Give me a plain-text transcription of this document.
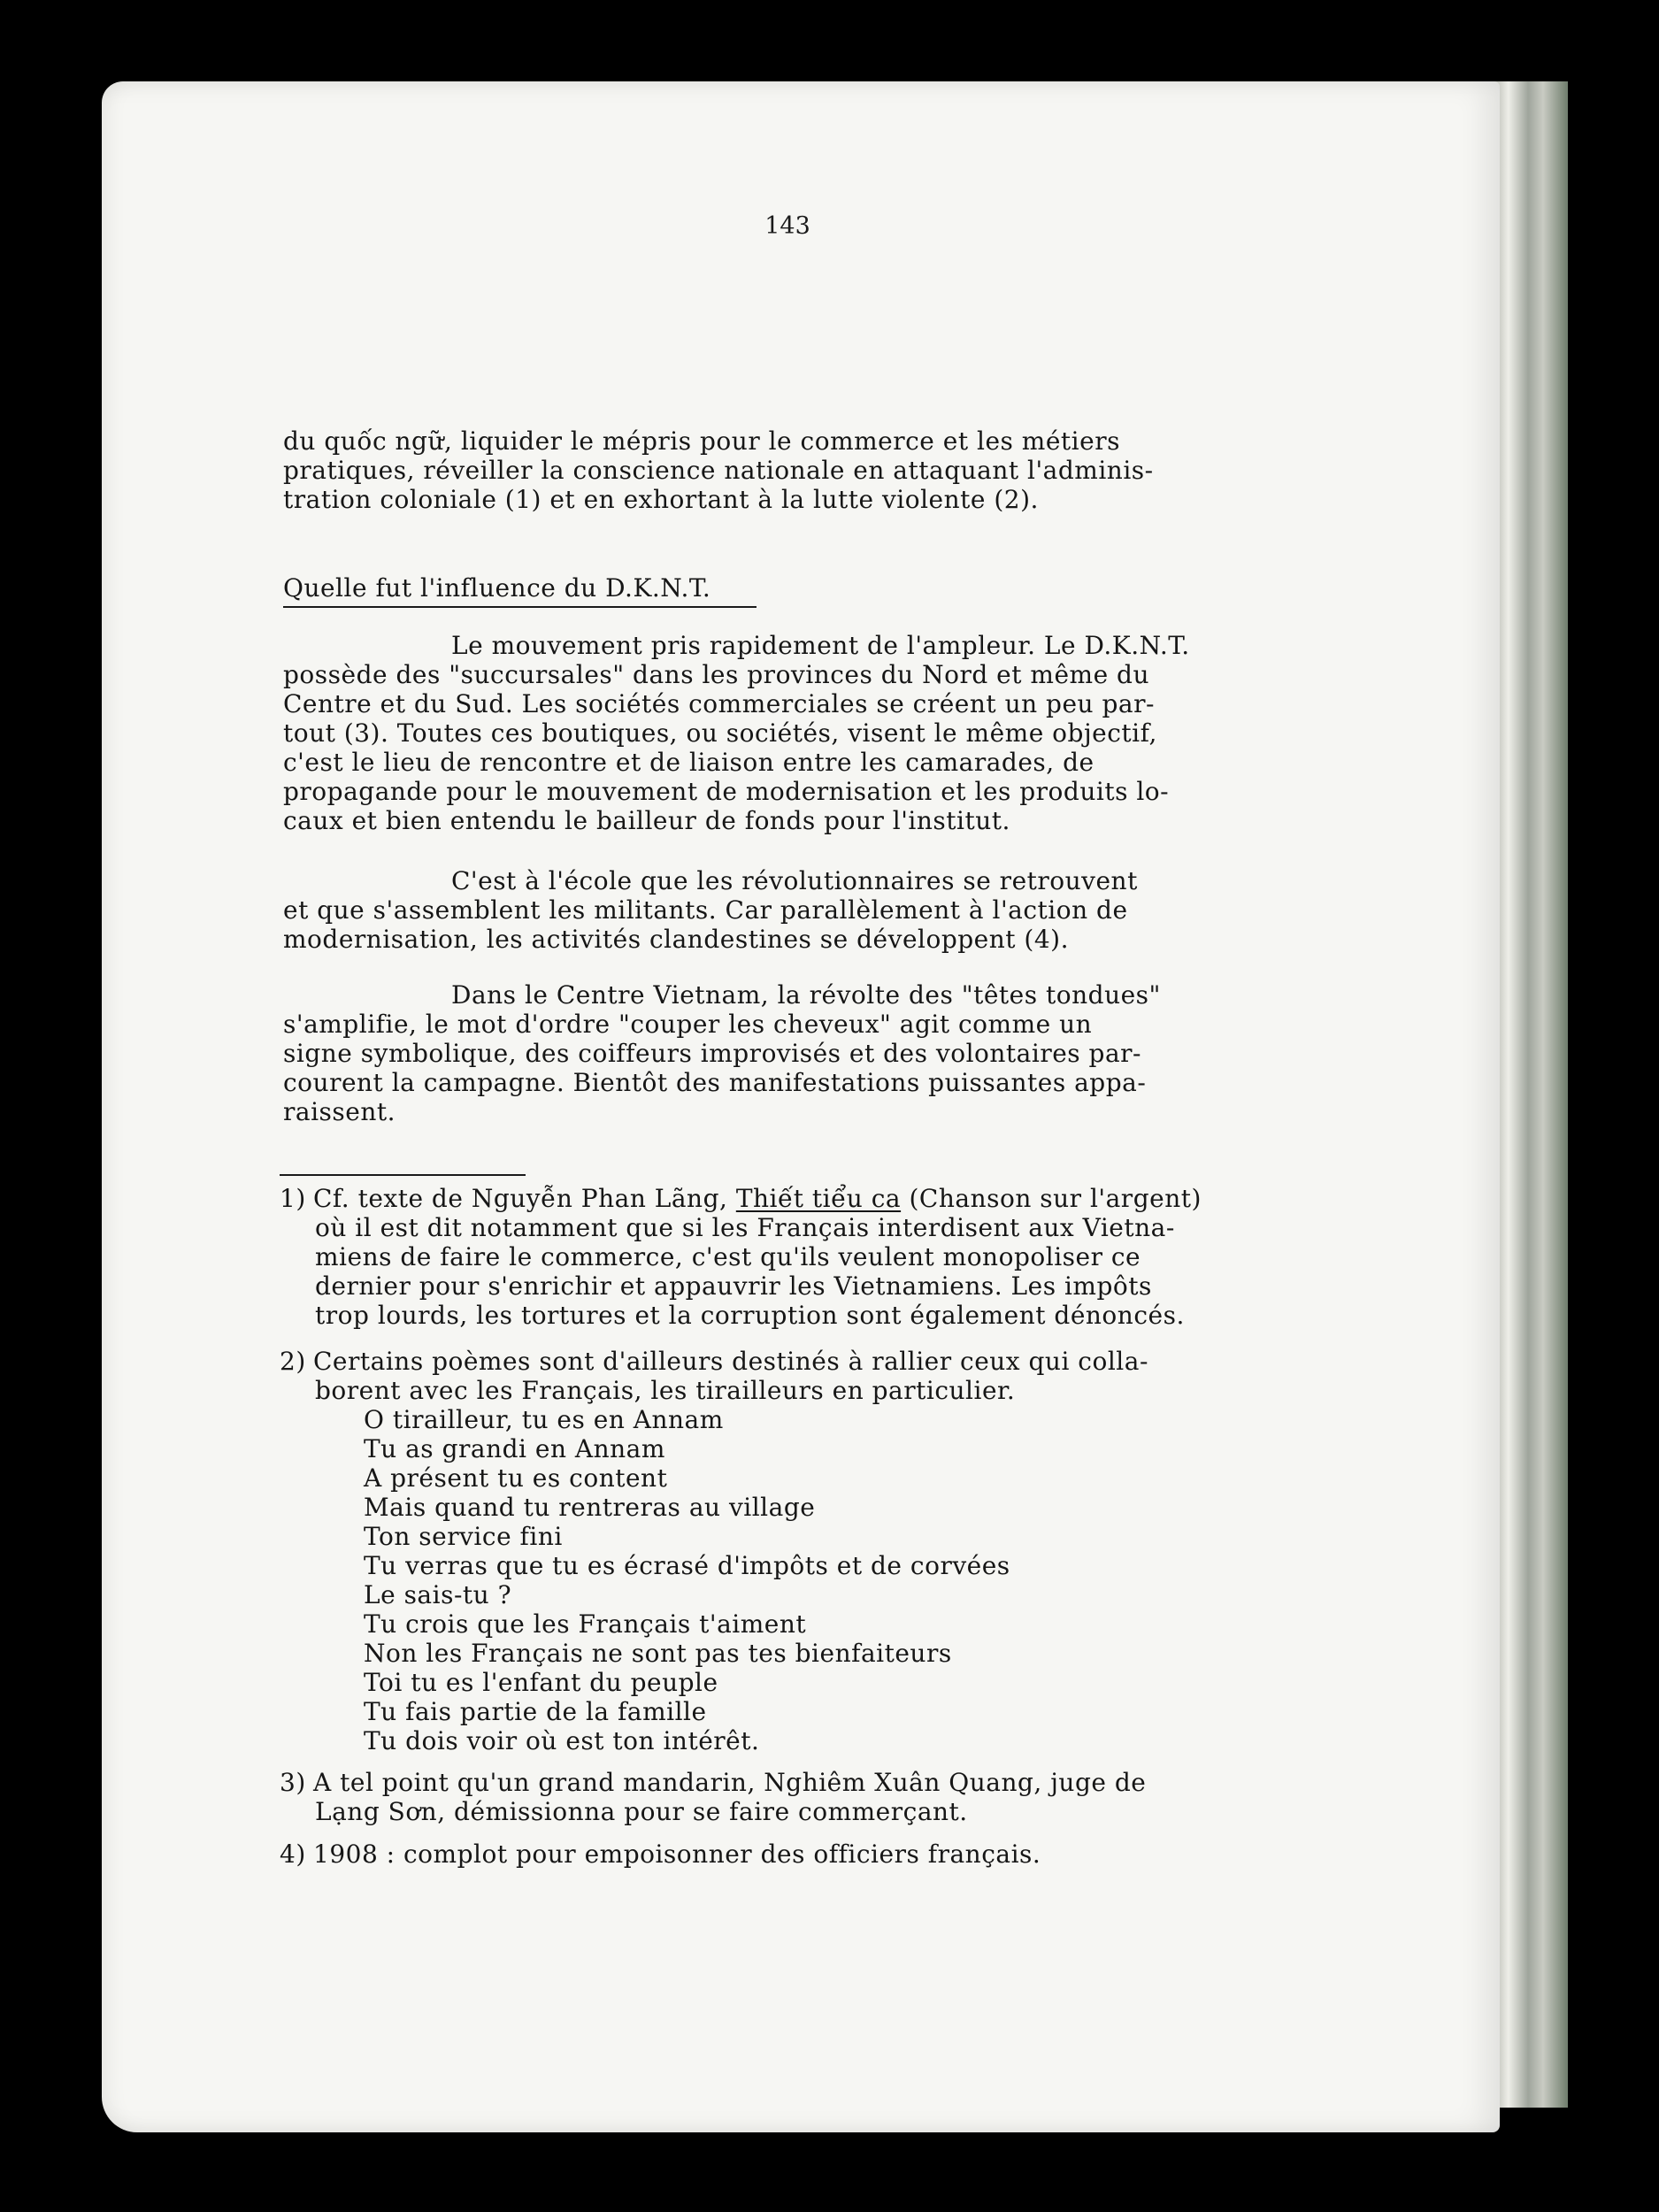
143
du quốc ngữ, liquider le mépris pour le commerce et les métiers
pratiques, réveiller la conscience nationale en attaquant l'adminis-
tration coloniale (1) et en exhortant à la lutte violente (2).
Quelle fut l'influence du D.K.N.T.
Le mouvement pris rapidement de l'ampleur. Le D.K.N.T.
possède des "succursales" dans les provinces du Nord et même du
Centre et du Sud. Les sociétés commerciales se créent un peu par-
tout (3). Toutes ces boutiques, ou sociétés, visent le même objectif,
c'est le lieu de rencontre et de liaison entre les camarades, de
propagande pour le mouvement de modernisation et les produits lo-
caux et bien entendu le bailleur de fonds pour l'institut.
C'est à l'école que les révolutionnaires se retrouvent
et que s'assemblent les militants. Car parallèlement à l'action de
modernisation, les activités clandestines se développent (4).
Dans le Centre Vietnam, la révolte des "têtes tondues"
s'amplifie, le mot d'ordre "couper les cheveux" agit comme un
signe symbolique, des coiffeurs improvisés et des volontaires par-
courent la campagne. Bientôt des manifestations puissantes appa-
raissent.
1) Cf. texte de Nguyễn Phan Lãng, Thiết tiểu ca (Chanson sur l'argent)
où il est dit notamment que si les Français interdisent aux Vietna-
miens de faire le commerce, c'est qu'ils veulent monopoliser ce
dernier pour s'enrichir et appauvrir les Vietnamiens. Les impôts
trop lourds, les tortures et la corruption sont également dénoncés.
2) Certains poèmes sont d'ailleurs destinés à rallier ceux qui colla-
borent avec les Français, les tirailleurs en particulier.
O tirailleur, tu es en Annam
Tu as grandi en Annam
A présent tu es content
Mais quand tu rentreras au village
Ton service fini
Tu verras que tu es écrasé d'impôts et de corvées
Le sais-tu ?
Tu crois que les Français t'aiment
Non les Français ne sont pas tes bienfaiteurs
Toi tu es l'enfant du peuple
Tu fais partie de la famille
Tu dois voir où est ton intérêt.
3) A tel point qu'un grand mandarin, Nghiêm Xuân Quang, juge de
Lạng Sơn, démissionna pour se faire commerçant.
4) 1908 : complot pour empoisonner des officiers français.
